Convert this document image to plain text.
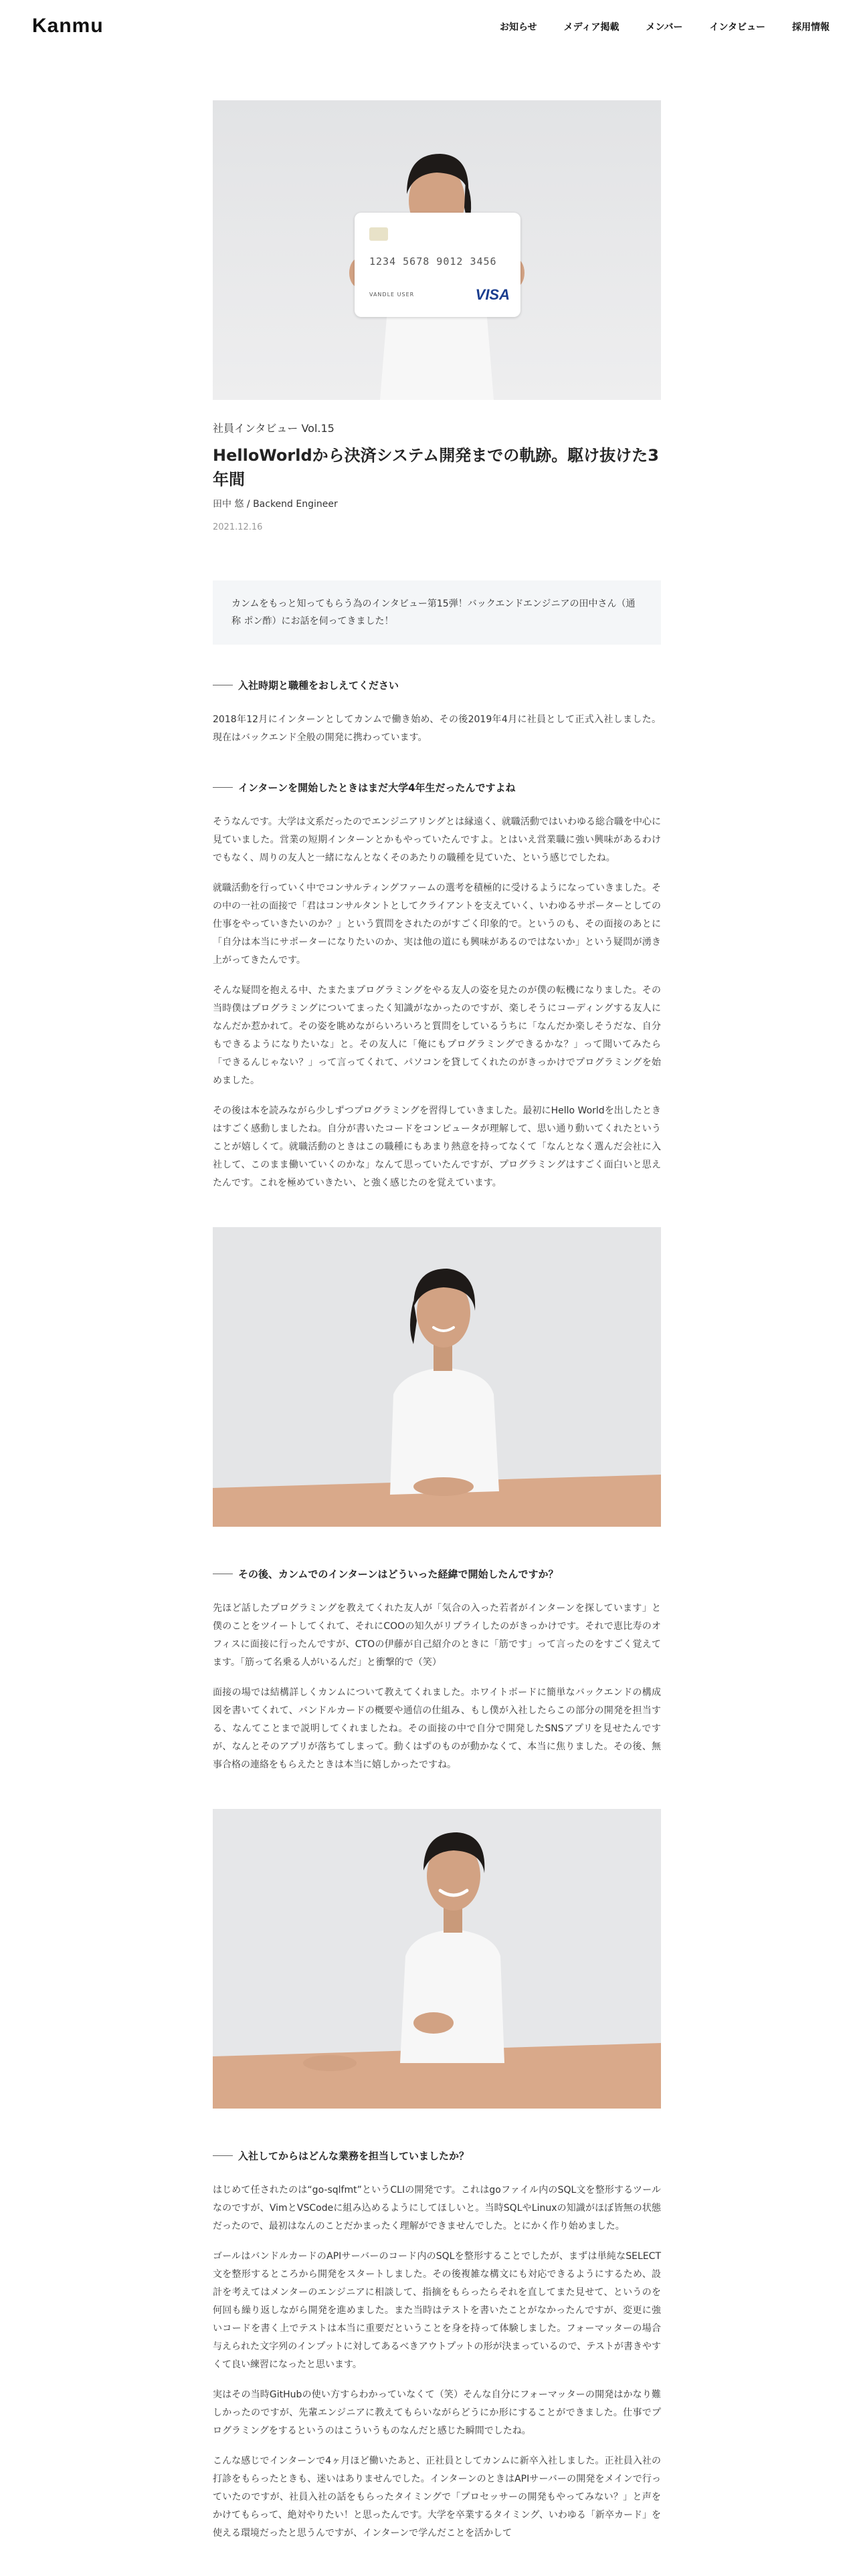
Kanmu	お知らせ	メディア掲載	メンバー	インタビュー	採用情報
1234 5678 9012 3456
VANDLE USER	VISA
社員インタビュー Vol.15
HelloWorldから決済システム開発までの軌跡。駆け抜けた3年間
田中 悠 / Backend Engineer
2021.12.16
カンムをもっと知ってもらう為のインタビュー第15弾！バックエンドエンジニアの田中さん（通称 ポン酢）にお話を伺ってきました！
入社時期と職種をおしえてください

2018年12月にインターンとしてカンムで働き始め、その後2019年4月に社員として正式入社しました。現在はバックエンド全般の開発に携わっています。

インターンを開始したときはまだ大学4年生だったんですよね

そうなんです。大学は文系だったのでエンジニアリングとは縁遠く、就職活動ではいわゆる総合職を中心に見ていました。営業の短期インターンとかもやっていたんですよ。とはいえ営業職に強い興味があるわけでもなく、周りの友人と一緒になんとなくそのあたりの職種を見ていた、という感じでしたね。

就職活動を行っていく中でコンサルティングファームの選考を積極的に受けるようになっていきました。その中の一社の面接で「君はコンサルタントとしてクライアントを支えていく、いわゆるサポーターとしての仕事をやっていきたいのか？」という質問をされたのがすごく印象的で。というのも、その面接のあとに「自分は本当にサポーターになりたいのか、実は他の道にも興味があるのではないか」という疑問が湧き上がってきたんです。

そんな疑問を抱える中、たまたまプログラミングをやる友人の姿を見たのが僕の転機になりました。その当時僕はプログラミングについてまったく知識がなかったのですが、楽しそうにコーディングする友人になんだか惹かれて。その姿を眺めながらいろいろと質問をしているうちに「なんだか楽しそうだな、自分もできるようになりたいな」と。その友人に「俺にもプログラミングできるかな？」って聞いてみたら「できるんじゃない？」って言ってくれて、パソコンを貸してくれたのがきっかけでプログラミングを始めました。

その後は本を読みながら少しずつプログラミングを習得していきました。最初にHello Worldを出したときはすごく感動しましたね。自分が書いたコードをコンピュータが理解して、思い通り動いてくれたということが嬉しくて。就職活動のときはこの職種にもあまり熱意を持ってなくて「なんとなく選んだ会社に入社して、このまま働いていくのかな」なんて思っていたんですが、プログラミングはすごく面白いと思えたんです。これを極めていきたい、と強く感じたのを覚えています。

その後、カンムでのインターンはどういった経緯で開始したんですか？

先ほど話したプログラミングを教えてくれた友人が「気合の入った若者がインターンを探しています」と僕のことをツイートしてくれて、それにCOOの知久がリプライしたのがきっかけです。それで恵比寿のオフィスに面接に行ったんですが、CTOの伊藤が自己紹介のときに「筋です」って言ったのをすごく覚えてます。「筋って名乗る人がいるんだ」と衝撃的で（笑）

面接の場では結構詳しくカンムについて教えてくれました。ホワイトボードに簡単なバックエンドの構成図を書いてくれて、バンドルカードの概要や通信の仕組み、もし僕が入社したらこの部分の開発を担当する、なんてことまで説明してくれましたね。その面接の中で自分で開発したSNSアプリを見せたんですが、なんとそのアプリが落ちてしまって。動くはずのものが動かなくて、本当に焦りました。その後、無事合格の連絡をもらえたときは本当に嬉しかったですね。

入社してからはどんな業務を担当していましたか？

はじめて任されたのは“go-sqlfmt”というCLIの開発です。これはgoファイル内のSQL文を整形するツールなのですが、VimとVSCodeに組み込めるようにしてほしいと。当時SQLやLinuxの知識がほぼ皆無の状態だったので、最初はなんのことだかまったく理解ができませんでした。とにかく作り始めました。

ゴールはバンドルカードのAPIサーバーのコード内のSQLを整形することでしたが、まずは単純なSELECT文を整形するところから開発をスタートしました。その後複雑な構文にも対応できるようにするため、設計を考えてはメンターのエンジニアに相談して、指摘をもらったらそれを直してまた見せて、というのを何回も繰り返しながら開発を進めました。また当時はテストを書いたことがなかったんですが、変更に強いコードを書く上でテストは本当に重要だということを身を持って体験しました。フォーマッターの場合与えられた文字列のインプットに対してあるべきアウトプットの形が決まっているので、テストが書きやすくて良い練習になったと思います。

実はその当時GitHubの使い方すらわかっていなくて（笑）そんな自分にフォーマッターの開発はかなり難しかったのですが、先輩エンジニアに教えてもらいながらどうにか形にすることができました。仕事でプログラミングをするというのはこういうものなんだと感じた瞬間でしたね。

こんな感じでインターンで4ヶ月ほど働いたあと、正社員としてカンムに新卒入社しました。正社員入社の打診をもらったときも、迷いはありませんでした。インターンのときはAPIサーバーの開発をメインで行っていたのですが、社員入社の話をもらったタイミングで「プロセッサーの開発もやってみない？」と声をかけてもらって、絶対やりたい！と思ったんです。大学を卒業するタイミング、いわゆる「新卒カード」を使える環境だったと思うんですが、インターンで学んだことを活かして
